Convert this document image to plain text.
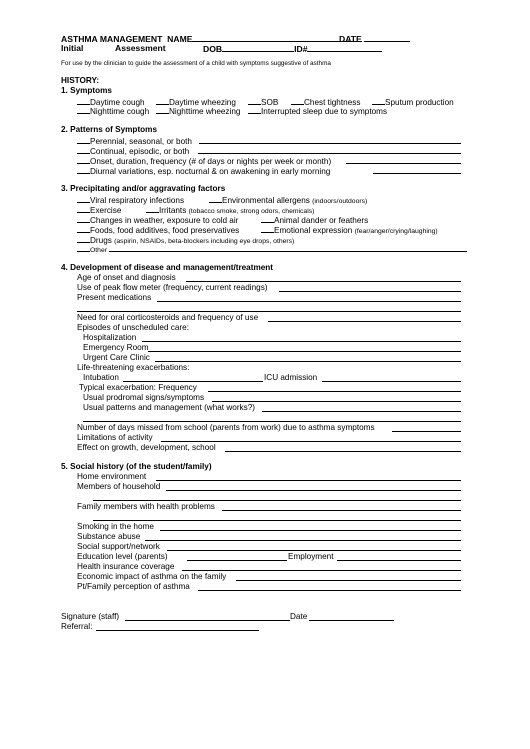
ASTHMA MANAGEMENT NAME	DATE
Initial	Assessment	DOB	ID#
For use by the clinician to guide the assessment of a child with symptoms suggestive of asthma
HISTORY:
1. Symptoms
Daytime cough	Daytime wheezing	SOB	Chest tightness	Sputum production
Nighttime cough	Nighttime wheezing	Interrupted sleep due to symptoms
2. Patterns of Symptoms
Perennial, seasonal, or both
Continual, episodic, or both
Onset, duration, frequency (# of days or nights per week or month)
Diurnal variations, esp. nocturnal & on awakening in early morning
3. Precipitating and/or aggravating factors
Viral respiratory infections	Environmental allergens (indoors/outdoors)
Exercise	Irritants (tobacco smoke, strong odors, chemicals)
Changes in weather, exposure to cold air	Animal dander or feathers
Foods, food additives, food preservatives	Emotional expression (fear/anger/crying/laughing)
Drugs (aspirin, NSAIDs, beta-blockers including eye drops, others)
Other
4. Development of disease and management/treatment
Age of onset and diagnosis
Use of peak flow meter (frequency, current readings)
Present medications
Need for oral corticosteroids and frequency of use
Episodes of unscheduled care:
Hospitalization
Emergency Room
Urgent Care Clinic
Life-threatening exacerbations:
Intubation	ICU admission
Typical exacerbation: Frequency
Usual prodromal signs/symptoms
Usual patterns and management (what works?)
Number of days missed from school (parents from work) due to asthma symptoms
Limitations of activity
Effect on growth, development, school
5. Social history (of the student/family)
Home environment
Members of household
Family members with health problems
Smoking in the home
Substance abuse
Social support/network
Education level (parents)	Employment
Health insurance coverage
Economic impact of asthma on the family
Pt/Family perception of asthma
Signature (staff)	Date
Referral:
